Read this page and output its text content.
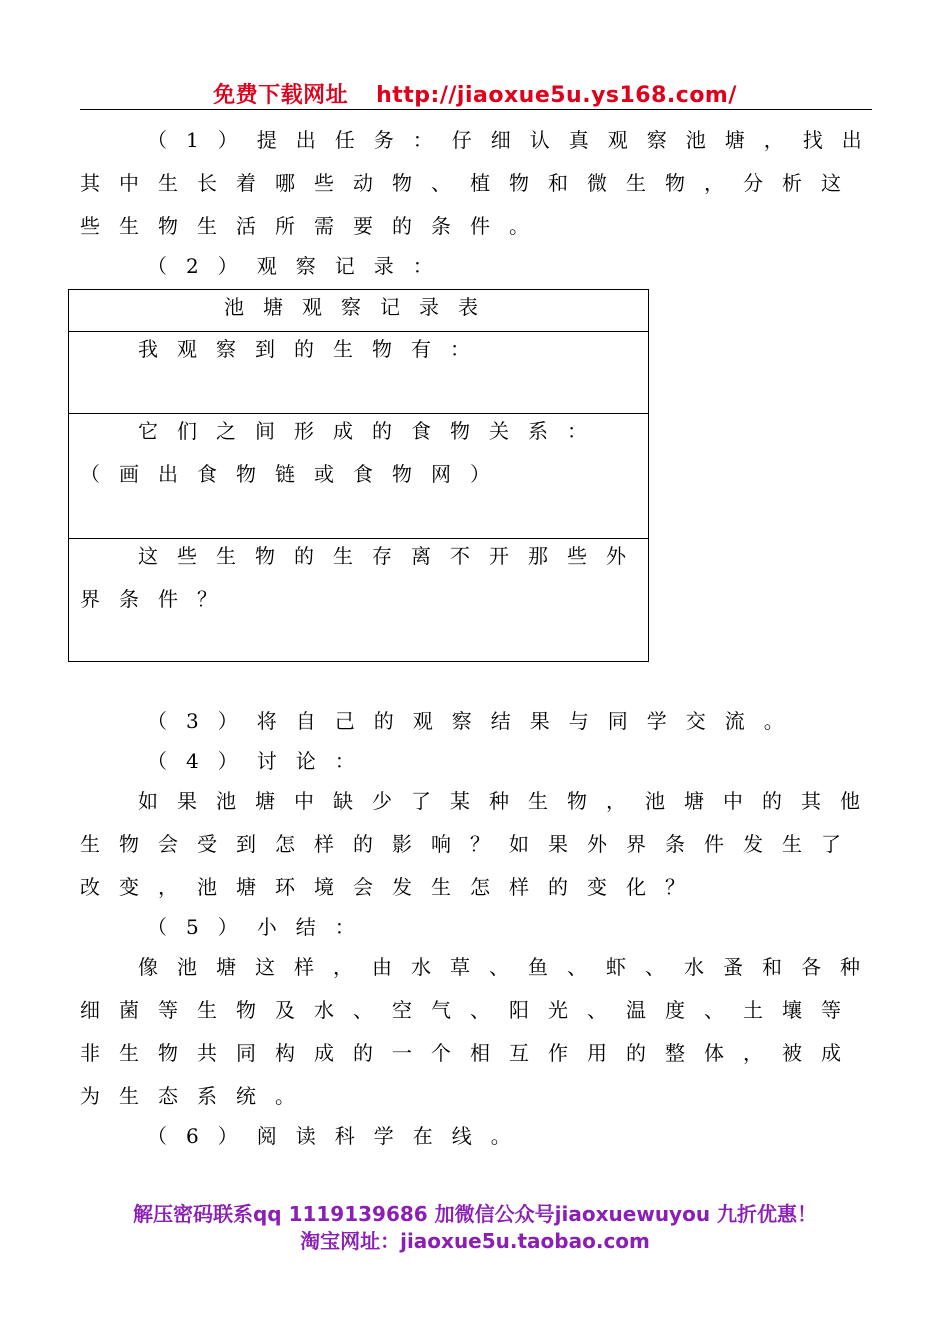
免费下载网址 http://jiaoxue5u.ys168.com/
（1）提出任务：仔细认真观察池塘，找出
其中生长着哪些动物、植物和微生物，分析这
些生物生活所需要的条件。
（2）观察记录：
池塘观察记录表
我观察到的生物有：
它们之间形成的食物关系：
（画出食物链或食物网）
这些生物的生存离不开那些外
界条件？
（3）将自己的观察结果与同学交流。
（4）讨论：
如果池塘中缺少了某种生物，池塘中的其他
生物会受到怎样的影响？如果外界条件发生了
改变，池塘环境会发生怎样的变化？
（5）小结：
像池塘这样，由水草、鱼、虾、水蚤和各种
细菌等生物及水、空气、阳光、温度、土壤等
非生物共同构成的一个相互作用的整体，被成
为生态系统。
（6）阅读科学在线。
解压密码联系qq 1119139686 加微信公众号jiaoxuewuyou 九折优惠！
淘宝网址：jiaoxue5u.taobao.com
